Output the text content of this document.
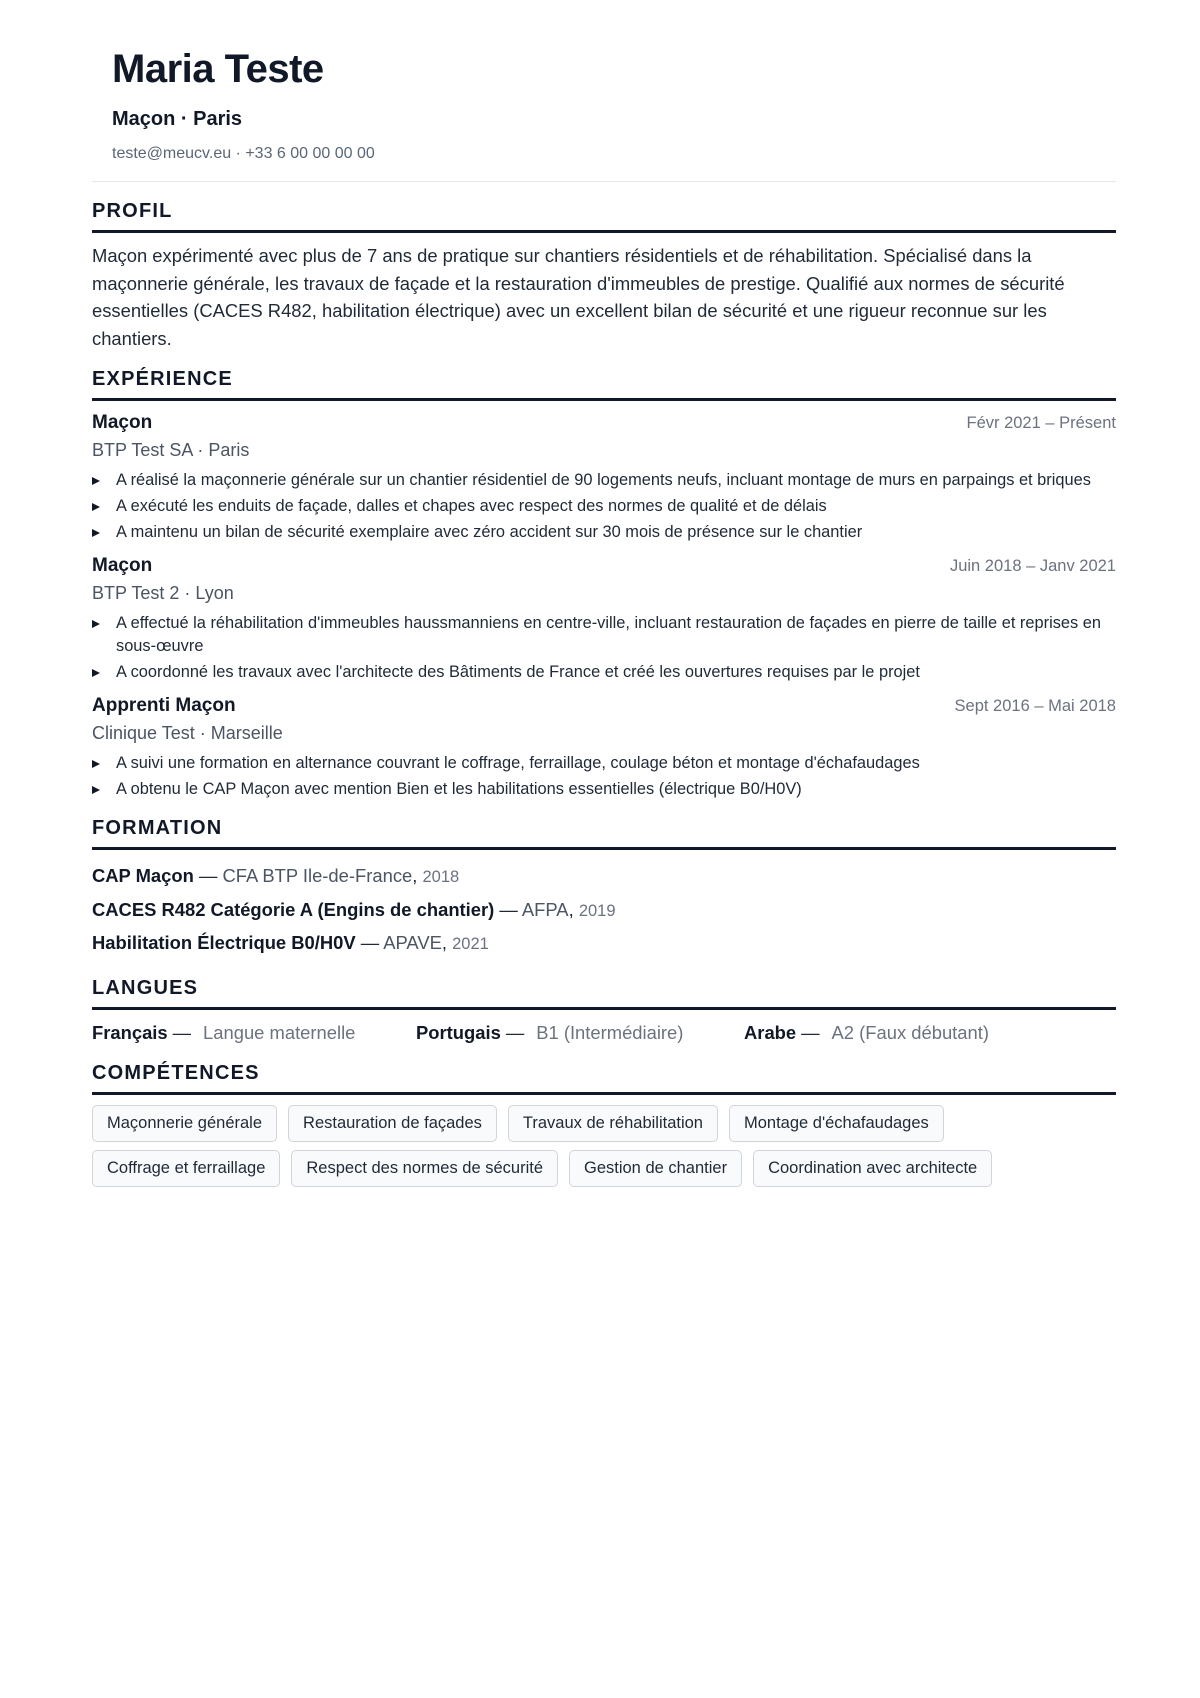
Maria Teste
Maçon · Paris
teste@meucv.eu · +33 6 00 00 00 00
PROFIL

Maçon expérimenté avec plus de 7 ans de pratique sur chantiers résidentiels et de réhabilitation. Spécialisé dans la maçonnerie générale, les travaux de façade et la restauration d'immeubles de prestige. Qualifié aux normes de sécurité essentielles (CACES R482, habilitation électrique) avec un excellent bilan de sécurité et une rigueur reconnue sur les chantiers.

EXPÉRIENCE
Maçon	Févr 2021 – Présent
BTP Test SA · Paris
A réalisé la maçonnerie générale sur un chantier résidentiel de 90 logements neufs, incluant montage de murs en parpaings et briques
A exécuté les enduits de façade, dalles et chapes avec respect des normes de qualité et de délais
A maintenu un bilan de sécurité exemplaire avec zéro accident sur 30 mois de présence sur le chantier
Maçon	Juin 2018 – Janv 2021
BTP Test 2 · Lyon
A effectué la réhabilitation d'immeubles haussmanniens en centre-ville, incluant restauration de façades en pierre de taille et reprises en sous-œuvre
A coordonné les travaux avec l'architecte des Bâtiments de France et créé les ouvertures requises par le projet
Apprenti Maçon	Sept 2016 – Mai 2018
Clinique Test · Marseille
A suivi une formation en alternance couvrant le coffrage, ferraillage, coulage béton et montage d'échafaudages
A obtenu le CAP Maçon avec mention Bien et les habilitations essentielles (électrique B0/H0V)
FORMATION
CAP Maçon — CFA BTP Ile-de-France, 2018
CACES R482 Catégorie A (Engins de chantier) — AFPA, 2019
Habilitation Électrique B0/H0V — APAVE, 2021
LANGUES
Français — Langue maternelle	Portugais — B1 (Intermédiaire)	Arabe — A2 (Faux débutant)
COMPÉTENCES
Maçonnerie générale	Restauration de façades	Travaux de réhabilitation	Montage d'échafaudages
Coffrage et ferraillage	Respect des normes de sécurité	Gestion de chantier	Coordination avec architecte
